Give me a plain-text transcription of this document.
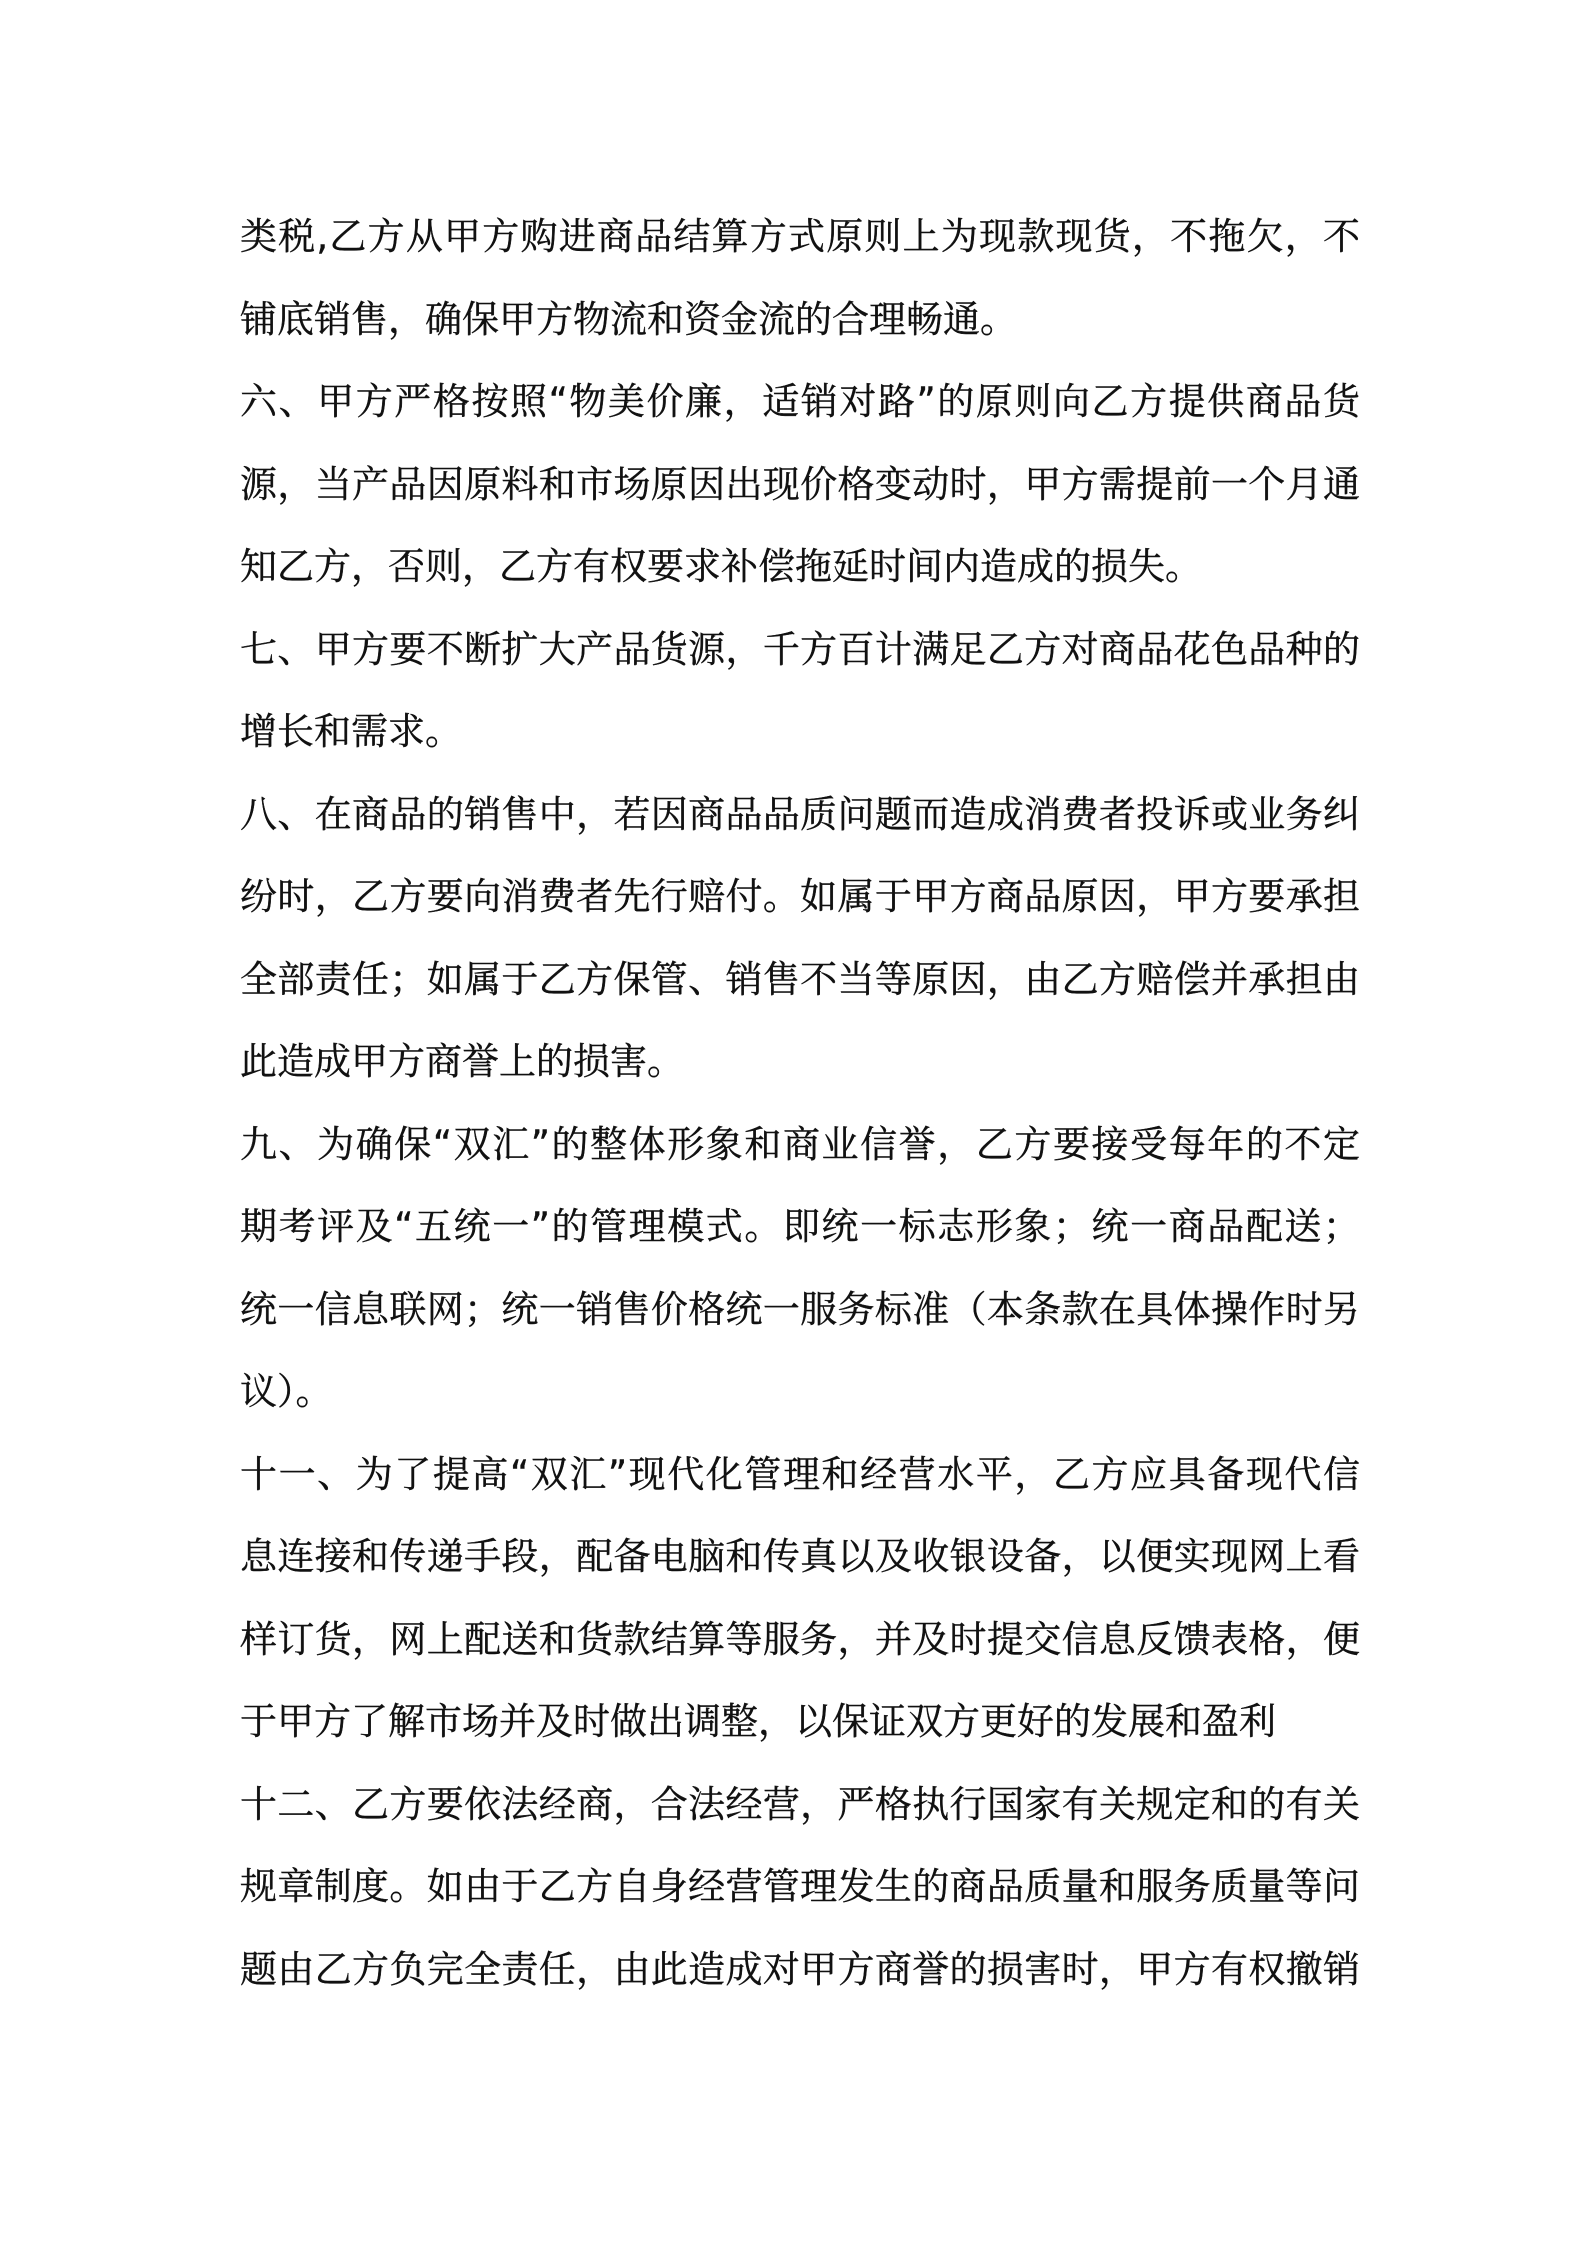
类税,乙方从甲方购进商品结算方式原则上为现款现货，不拖欠，不
铺底销售，确保甲方物流和资金流的合理畅通。
六、甲方严格按照“物美价廉，适销对路”的原则向乙方提供商品货
源，当产品因原料和市场原因出现价格变动时，甲方需提前一个月通
知乙方，否则，乙方有权要求补偿拖延时间内造成的损失。
七、甲方要不断扩大产品货源，千方百计满足乙方对商品花色品种的
增长和需求。
八、在商品的销售中，若因商品品质问题而造成消费者投诉或业务纠
纷时，乙方要向消费者先行赔付。如属于甲方商品原因，甲方要承担
全部责任；如属于乙方保管、销售不当等原因，由乙方赔偿并承担由
此造成甲方商誉上的损害。
九、为确保“双汇”的整体形象和商业信誉，乙方要接受每年的不定
期考评及“五统一”的管理模式。即统一标志形象；统一商品配送；
统一信息联网；统一销售价格统一服务标准（本条款在具体操作时另
议）。
十一、为了提高“双汇”现代化管理和经营水平，乙方应具备现代信
息连接和传递手段，配备电脑和传真以及收银设备，以便实现网上看
样订货，网上配送和货款结算等服务，并及时提交信息反馈表格，便
于甲方了解市场并及时做出调整，以保证双方更好的发展和盈利
十二、乙方要依法经商，合法经营，严格执行国家有关规定和的有关
规章制度。如由于乙方自身经营管理发生的商品质量和服务质量等问
题由乙方负完全责任，由此造成对甲方商誉的损害时，甲方有权撤销
